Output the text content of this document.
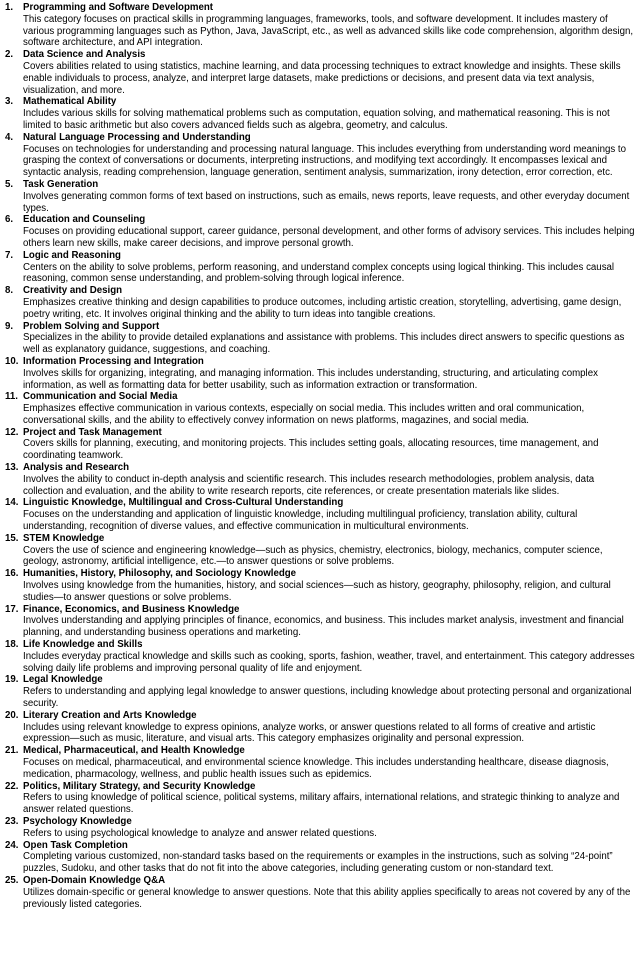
1. Programming and Software Development
This category focuses on practical skills in programming languages, frameworks, tools, and software development. It includes mastery of various programming languages such as Python, Java, JavaScript, etc., as well as advanced skills like code comprehension, algorithm design, software architecture, and API integration.
2. Data Science and Analysis
Covers abilities related to using statistics, machine learning, and data processing techniques to extract knowledge and insights. These skills enable individuals to process, analyze, and interpret large datasets, make predictions or decisions, and present data via text analysis, visualization, and more.
3. Mathematical Ability
Includes various skills for solving mathematical problems such as computation, equation solving, and mathematical reasoning. This is not limited to basic arithmetic but also covers advanced fields such as algebra, geometry, and calculus.
4. Natural Language Processing and Understanding
Focuses on technologies for understanding and processing natural language. This includes everything from understanding word meanings to grasping the context of conversations or documents, interpreting instructions, and modifying text accordingly. It encompasses lexical and syntactic analysis, reading comprehension, language generation, sentiment analysis, summarization, irony detection, error correction, etc.
5. Task Generation
Involves generating common forms of text based on instructions, such as emails, news reports, leave requests, and other everyday document types.
6. Education and Counseling
Focuses on providing educational support, career guidance, personal development, and other forms of advisory services. This includes helping others learn new skills, make career decisions, and improve personal growth.
7. Logic and Reasoning
Centers on the ability to solve problems, perform reasoning, and understand complex concepts using logical thinking. This includes causal reasoning, common sense understanding, and problem-solving through logical inference.
8. Creativity and Design
Emphasizes creative thinking and design capabilities to produce outcomes, including artistic creation, storytelling, advertising, game design, poetry writing, etc. It involves original thinking and the ability to turn ideas into tangible creations.
9. Problem Solving and Support
Specializes in the ability to provide detailed explanations and assistance with problems. This includes direct answers to specific questions as well as explanatory guidance, suggestions, and coaching.
10. Information Processing and Integration
Involves skills for organizing, integrating, and managing information. This includes understanding, structuring, and articulating complex information, as well as formatting data for better usability, such as information extraction or transformation.
11. Communication and Social Media
Emphasizes effective communication in various contexts, especially on social media. This includes written and oral communication, conversational skills, and the ability to effectively convey information on news platforms, magazines, and social media.
12. Project and Task Management
Covers skills for planning, executing, and monitoring projects. This includes setting goals, allocating resources, time management, and coordinating teamwork.
13. Analysis and Research
Involves the ability to conduct in-depth analysis and scientific research. This includes research methodologies, problem analysis, data collection and evaluation, and the ability to write research reports, cite references, or create presentation materials like slides.
14. Linguistic Knowledge, Multilingual and Cross-Cultural Understanding
Focuses on the understanding and application of linguistic knowledge, including multilingual proficiency, translation ability, cultural understanding, recognition of diverse values, and effective communication in multicultural environments.
15. STEM Knowledge
Covers the use of science and engineering knowledge—such as physics, chemistry, electronics, biology, mechanics, computer science, geology, astronomy, artificial intelligence, etc.—to answer questions or solve problems.
16. Humanities, History, Philosophy, and Sociology Knowledge
Involves using knowledge from the humanities, history, and social sciences—such as history, geography, philosophy, religion, and cultural studies—to answer questions or solve problems.
17. Finance, Economics, and Business Knowledge
Involves understanding and applying principles of finance, economics, and business. This includes market analysis, investment and financial planning, and understanding business operations and marketing.
18. Life Knowledge and Skills
Includes everyday practical knowledge and skills such as cooking, sports, fashion, weather, travel, and entertainment. This category addresses solving daily life problems and improving personal quality of life and enjoyment.
19. Legal Knowledge
Refers to understanding and applying legal knowledge to answer questions, including knowledge about protecting personal and organizational security.
20. Literary Creation and Arts Knowledge
Includes using relevant knowledge to express opinions, analyze works, or answer questions related to all forms of creative and artistic expression—such as music, literature, and visual arts. This category emphasizes originality and personal expression.
21. Medical, Pharmaceutical, and Health Knowledge
Focuses on medical, pharmaceutical, and environmental science knowledge. This includes understanding healthcare, disease diagnosis, medication, pharmacology, wellness, and public health issues such as epidemics.
22. Politics, Military Strategy, and Security Knowledge
Refers to using knowledge of political science, political systems, military affairs, international relations, and strategic thinking to analyze and answer related questions.
23. Psychology Knowledge
Refers to using psychological knowledge to analyze and answer related questions.
24. Open Task Completion
Completing various customized, non-standard tasks based on the requirements or examples in the instructions, such as solving “24-point” puzzles, Sudoku, and other tasks that do not fit into the above categories, including generating custom or non-standard text.
25. Open-Domain Knowledge Q&A
Utilizes domain-specific or general knowledge to answer questions. Note that this ability applies specifically to areas not covered by any of the previously listed categories.
